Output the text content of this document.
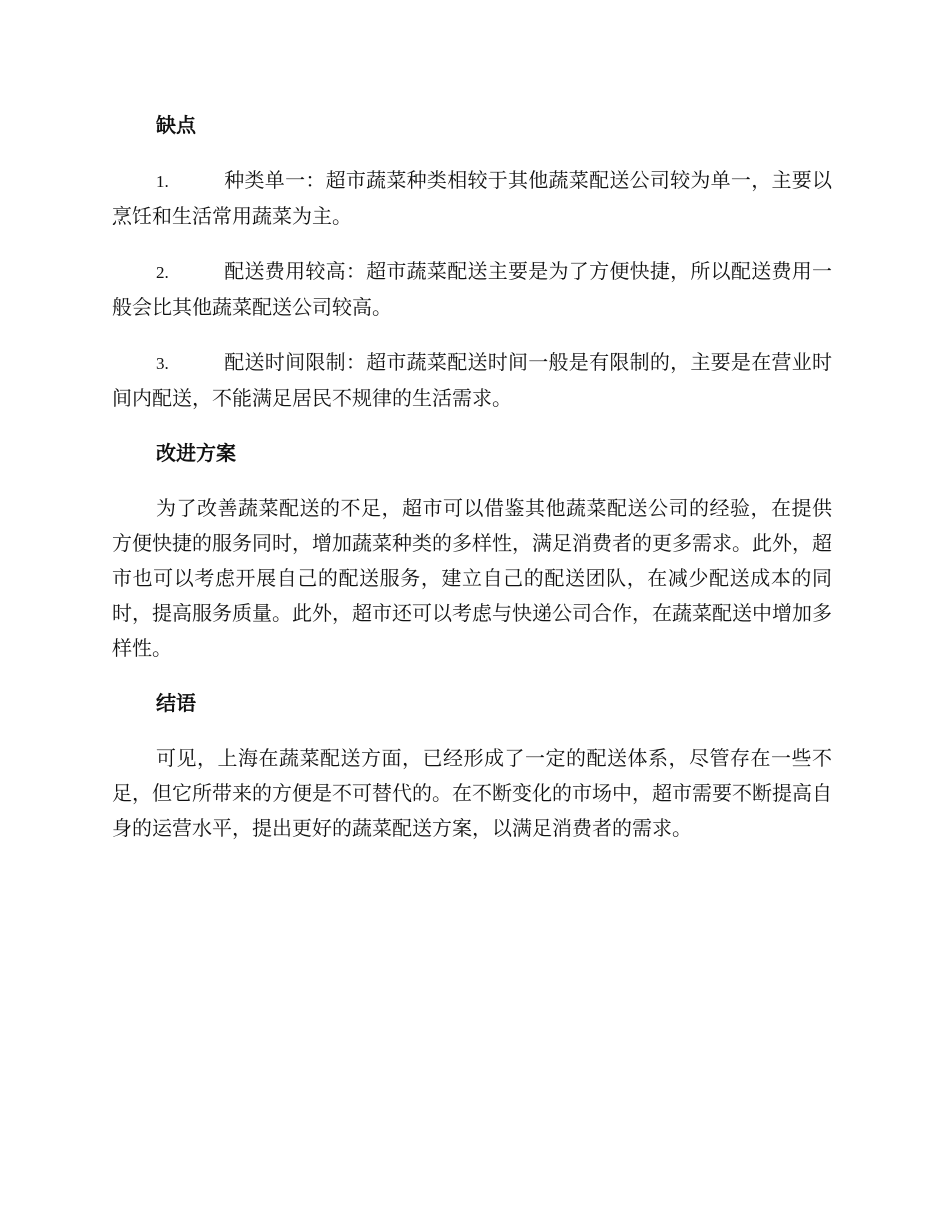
缺点
1.	种类单一：超市蔬菜种类相较于其他蔬菜配送公司较为单一，主要以烹饪和生活常用蔬菜为主。
2.	配送费用较高：超市蔬菜配送主要是为了方便快捷，所以配送费用一般会比其他蔬菜配送公司较高。
3.	配送时间限制：超市蔬菜配送时间一般是有限制的，主要是在营业时间内配送，不能满足居民不规律的生活需求。
改进方案
为了改善蔬菜配送的不足，超市可以借鉴其他蔬菜配送公司的经验，在提供方便快捷的服务同时，增加蔬菜种类的多样性，满足消费者的更多需求。此外，超市也可以考虑开展自己的配送服务，建立自己的配送团队，在减少配送成本的同时，提高服务质量。此外，超市还可以考虑与快递公司合作，在蔬菜配送中增加多样性。
结语
可见，上海在蔬菜配送方面，已经形成了一定的配送体系，尽管存在一些不足，但它所带来的方便是不可替代的。在不断变化的市场中，超市需要不断提高自身的运营水平，提出更好的蔬菜配送方案，以满足消费者的需求。
